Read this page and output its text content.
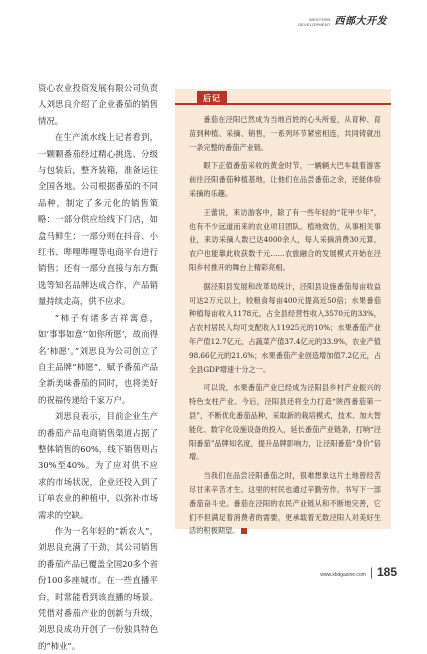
WESTERN
DEVELOPMENT 西部大开发

资心农业投资发展有限公司负责人刘思良介绍了企业番茄的销售情况。

在生产流水线上记者看到，一颗颗番茄经过精心挑选、分级与包装后，整齐装箱，准备运往全国各地。公司根据番茄的不同品种，制定了多元化的销售策略：一部分供应给线下门店，如盒马鲜生；一部分则在抖音、小红书、哔哩哔哩等电商平台进行销售；还有一部分直接与东方甄选等知名品牌达成合作，产品销量持续走高，供不应求。

“柿子有诸多吉祥寓意，如‘事事如意’‘如你所愿’，故而得名‘柿愿’。”刘思良为公司创立了自主品牌“柿愿”，赋予番茄产品全新美味番茄的同时，也将美好的祝福传递给千家万户。

刘思良表示，目前企业生产的番茄产品电商销售渠道占据了整体销售的60%，线下销售则占30%至40%。为了应对供不应求的市场状况，企业还投入到了订单农业的种植中，以弥补市场需求的空缺。

作为一名年轻的“新农人”，刘思良充满了干劲，其公司销售的番茄产品已覆盖全国20多个省份100多座城市。在一些直播平台，时常能看到该直播的场景。凭借对番茄产业的创新与升级，刘思良成功开创了一份独具特色的“柿业”。

后记

番茄在泾阳已然成为当地百姓的心头所爱，从育种、育苗到种植、采摘、销售，一系列环节紧密相连，共同铸就出一条完整的番茄产业链。

眼下正值番茄采收的黄金时节，一辆辆大巴车载着游客前往泾阳番茄种植基地，让他们在品尝番茄之余，还能体验采摘的乐趣。

王蕾说，来访游客中，除了有一些年轻的“花甲少年”，也有不少远道而来的农业项目团队。植地效仿，从事相关事业，来访采摘人数已达4000余人，每人采摘消费30元算，农户也能靠此收获数千元……农旅融合的发展模式开始在泾阳乡村推开的舞台上精彩亮相。

据泾阳县发展和改革局统计，泾阳县设施番茄每亩收益可达2万元以上，较粮食每亩400元提高近50倍；水果番茄种植每亩收入1178元，占全县经营性收入3570元的33%，占农村居民人均可支配收入11925元的10%；水果番茄产业年产值12.7亿元，占蔬菜产值37.4亿元的33.9%，农业产值98.66亿元的21.6%；水果番茄产业创造增加值7.2亿元，占全县GDP增速十分之一。

可以说，水果番茄产业已经成为泾阳县乡村产业振兴的特色支柱产业。今后，泾阳县还将全力打造“陕西番茄第一县”，不断优化番茄品种，采取新的栽培模式，技术、加大智能化、数字化设施设备的投入，延长番茄产业链条，打响“泾阳番茄”品牌知名度，提升品牌影响力，让泾阳番茄“身价”倍增。

当我们在品尝泾阳番茄之时，很难想象这片土地曾经苦尽甘来辛苦才生。这里的村民也通过辛勤劳作，书写下一部番茄奋斗史。番茄在泾阳的农民产业链从和不断地完善，它们不但满足着消费者的需要，更承载着无数泾阳人对美好生活的积极期望。

www.xbdgazine.com | 185
